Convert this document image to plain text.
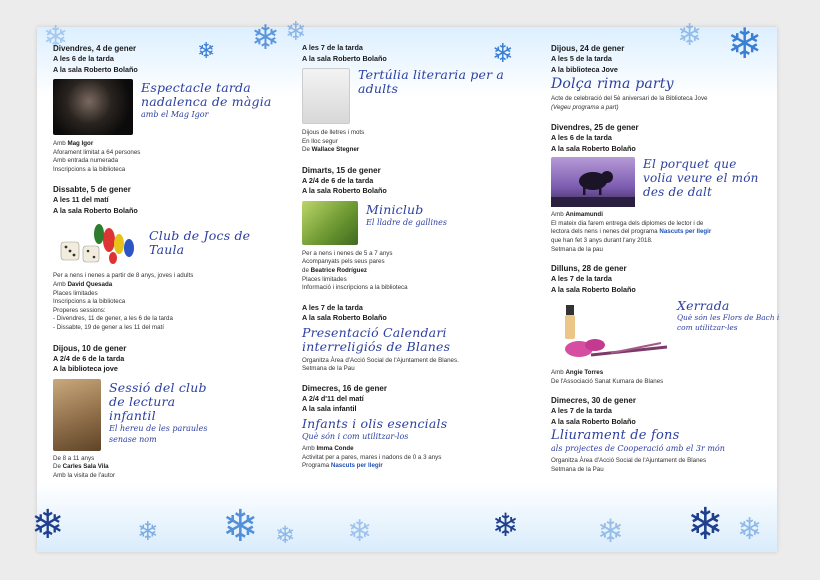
❄	❄ ❄ ❄
❄
❄ ❄
❄	❄ ❄ ❄ ❄	❄ ❄ ❄ ❄
Divendres, 4 de gener
A les 6 de la tarda
A la sala Roberto Bolaño
Espectacle tarda nadalenca de màgia
amb el Mag Igor
Amb Mag Igor
Aforament limitat a 64 persones
Amb entrada numerada
Inscripcions a la biblioteca
Dissabte, 5 de gener
A les 11 del matí
A la sala Roberto Bolaño
Club de Jocs de Taula
Per a nens i nenes a partir de 8 anys, joves i adults
Amb David Quesada
Places limitades
Inscripcions a la biblioteca
Properes sessions:
- Divendres, 11 de gener, a les 6 de la tarda
- Dissabte, 19 de gener a les 11 del matí
Dijous, 10 de gener
A 2/4 de 6 de la tarda
A la biblioteca jove
Sessió del club de lectura infantil
El hereu de les paraules senase nom
De 8 a 11 anys
De Carles Sala Vila
Amb la visita de l'autor
A les 7 de la tarda
A la sala Roberto Bolaño
Tertúlia literaria per a adults
Dijous de lletres i mots
En lloc segur
De Wallace Stegner
Dimarts, 15 de gener
A 2/4 de 6 de la tarda
A la sala Roberto Bolaño
Miniclub
El lladre de gallines
Per a nens i nenes de 5 a 7 anys
Acompanyats pels seus pares
de Beatrice Rodríguez
Places limitades
Informació i inscripcions a la biblioteca
A les 7 de la tarda
A la sala Roberto Bolaño
Presentació Calendari interreligiós de Blanes
Organitza Àrea d'Acció Social de l'Ajuntament de Blanes.
Setmana de la Pau
Dimecres, 16 de gener
A 2/4 d'11 del matí
A la sala infantil
Infants i olis esencials
Què són i com utilitzar-los
Amb Imma Conde
Activitat per a pares, mares i nadons de 0 a 3 anys
Programa Nascuts per llegir
Dijous, 24 de gener
A les 5 de la tarda
A la biblioteca Jove
Dolça rima party
Acte de celebració del 5è aniversari de la Biblioteca Jove
(Vegeu programa a part)
Divendres, 25 de gener
A les 6 de la tarda
A la sala Roberto Bolaño
El porquet que volia veure el món des de dalt
Amb Animamundi
El mateix dia farem entrega dels diplomes de lector i de
lectora dels nens i nenes del programa Nascuts per llegir
que han fet 3 anys durant l'any 2018.
Setmana de la pau
Dilluns, 28 de gener
A les 7 de la tarda
A la sala Roberto Bolaño
Xerrada
Què són les Flors de Bach i com utilitzar-les
Amb Angie Torres
De l'Associació Sanat Kumara de Blanes
Dimecres, 30 de gener
A les 7 de la tarda
A la sala Roberto Bolaño
Lliurament de fons
als projectes de Cooperació amb el 3r món
Organitza Àrea d'Acció Social de l'Ajuntament de Blanes
Setmana de la Pau
